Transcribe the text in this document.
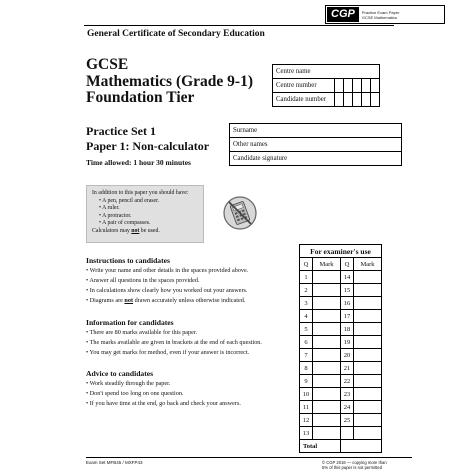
CGP	Practice Exam Paper
GCSE Mathematics
General Certificate of Secondary Education
GCSE
Mathematics (Grade 9-1)
Foundation Tier
Centre name					
Centre number					
Candidate number					
Practice Set 1
Paper 1: Non-calculator
Time allowed: 1 hour 30 minutes
Surname
Other names
Candidate signature
In addition to this paper you should have:
• A pen, pencil and eraser.
• A ruler.
• A protractor.
• A pair of compasses.
Calculators may not be used.
Instructions to candidates
• Write your name and other details in the spaces provided above.
• Answer all questions in the spaces provided.
• In calculations show clearly how you worked out your answers.
• Diagrams are not drawn accurately unless otherwise indicated.
Information for candidates
• There are 80 marks available for this paper.
• The marks available are given in brackets at the end of each question.
• You may get marks for method, even if your answer is incorrect.
Advice to candidates
• Work steadily through the paper.
• Don't spend too long on one question.
• If you have time at the end, go back and check your answers.
For examiner's use			
Q	Mark	Q	Mark
1		14	
2		15	
3		16	
4		17	
5		18	
6		19	
7		20	
8		21	
9		22	
10		23	
11		24	
12		25	
13			
Total			
Exam Set MFB45 / MXFP43	© CGP 2016 — copying more than
5% of this paper is not permitted
